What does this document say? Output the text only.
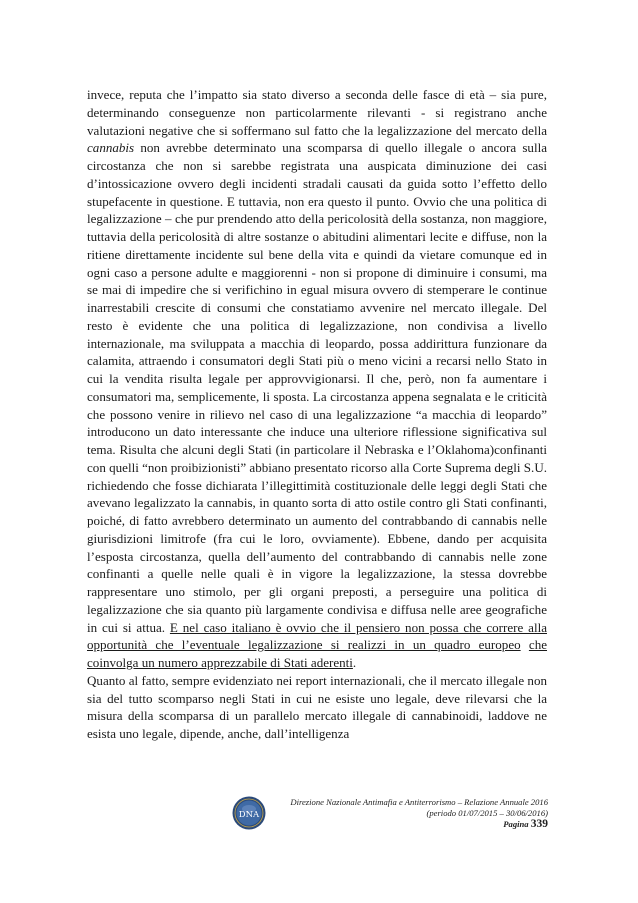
invece, reputa che l’impatto sia stato diverso a seconda delle fasce di età – sia pure, determinando conseguenze non particolarmente rilevanti - si registrano anche valutazioni negative che si soffermano sul fatto che la legalizzazione del mercato della cannabis non avrebbe determinato una scomparsa di quello illegale o ancora sulla circostanza che non si sarebbe registrata una auspicata diminuzione dei casi d’intossicazione ovvero degli incidenti stradali causati da guida sotto l’effetto dello stupefacente in questione. E tuttavia, non era questo il punto. Ovvio che una politica di legalizzazione – che pur prendendo atto della pericolosità della sostanza, non maggiore, tuttavia della pericolosità di altre sostanze o abitudini alimentari lecite e diffuse, non la ritiene direttamente incidente sul bene della vita e quindi da vietare comunque ed in ogni caso a persone adulte e maggiorenni - non si propone di diminuire i consumi, ma se mai di impedire che si verifichino in egual misura ovvero di stemperare le continue inarrestabili crescite di consumi che constatiamo avvenire nel mercato illegale. Del resto è evidente che una politica di legalizzazione, non condivisa a livello internazionale, ma sviluppata a macchia di leopardo, possa addirittura funzionare da calamita, attraendo i consumatori degli Stati più o meno vicini a recarsi nello Stato in cui la vendita risulta legale per approvvigionarsi. Il che, però, non fa aumentare i consumatori ma, semplicemente, li sposta. La circostanza appena segnalata e le criticità che possono venire in rilievo nel caso di una legalizzazione “a macchia di leopardo” introducono un dato interessante che induce una ulteriore riflessione significativa sul tema. Risulta che alcuni degli Stati (in particolare il Nebraska e l’Oklahoma)confinanti con quelli “non proibizionisti” abbiano presentato ricorso alla Corte Suprema degli S.U. richiedendo che fosse dichiarata l’illegittimità costituzionale delle leggi degli Stati che avevano legalizzato la cannabis, in quanto sorta di atto ostile contro gli Stati confinanti, poiché, di fatto avrebbero determinato un aumento del contrabbando di cannabis nelle giurisdizioni limitrofe (fra cui le loro, ovviamente). Ebbene, dando per acquisita l’esposta circostanza, quella dell’aumento del contrabbando di cannabis nelle zone confinanti a quelle nelle quali è in vigore la legalizzazione, la stessa dovrebbe rappresentare uno stimolo, per gli organi preposti, a perseguire una politica di legalizzazione che sia quanto più largamente condivisa e diffusa nelle aree geografiche in cui si attua. E nel caso italiano è ovvio che il pensiero non possa che correre alla opportunità che l’eventuale legalizzazione si realizzi in un quadro europeo che coinvolga un numero apprezzabile di Stati aderenti.

Quanto al fatto, sempre evidenziato nei report internazionali, che il mercato illegale non sia del tutto scomparso negli Stati in cui ne esiste uno legale, deve rilevarsi che la misura della scomparsa di un parallelo mercato illegale di cannabinoidi, laddove ne esista uno legale, dipende, anche, dall’intelligenza

DNA
Direzione Nazionale Antimafia e Antiterrorismo – Relazione Annuale 2016
(periodo 01/07/2015 – 30/06/2016)
Pagina 339
